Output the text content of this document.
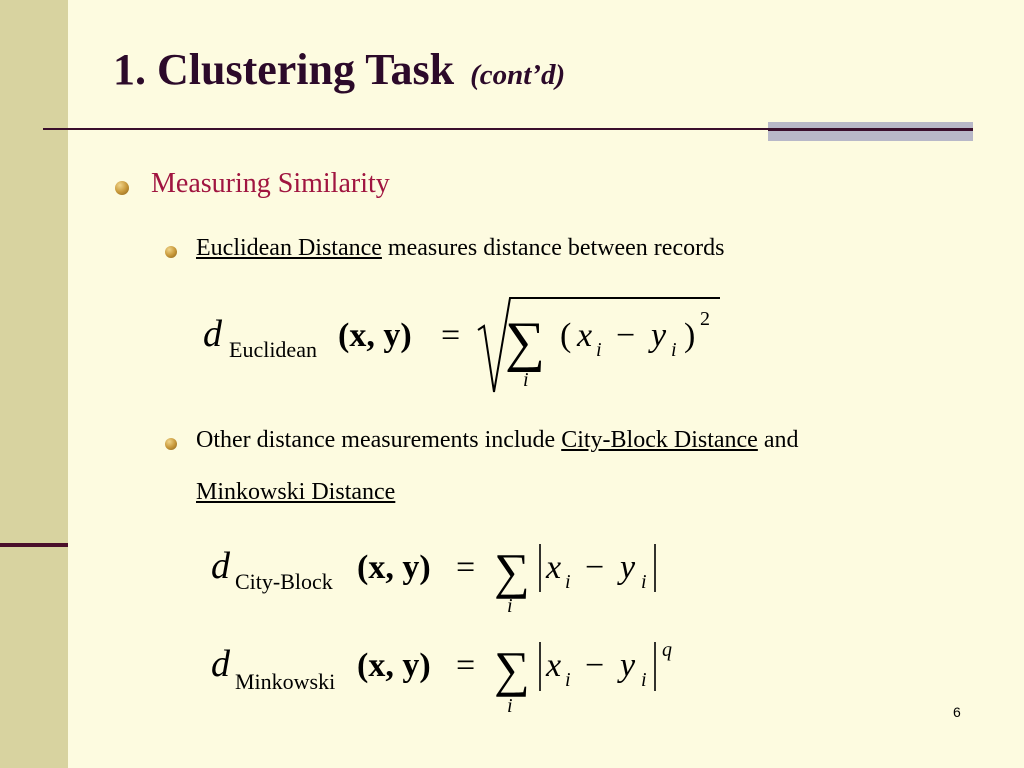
1. Clustering Task (cont’d)
Measuring Similarity
Euclidean Distance measures distance between records
Other distance measurements include City-Block Distance and
Minkowski Distance
d Euclidean (x, y) = ∑
i
( x i − y i ) 2
d City-Block (x, y) = ∑
i
x i − y i
d Minkowski (x, y) = ∑
i
x i − y i
q
6
